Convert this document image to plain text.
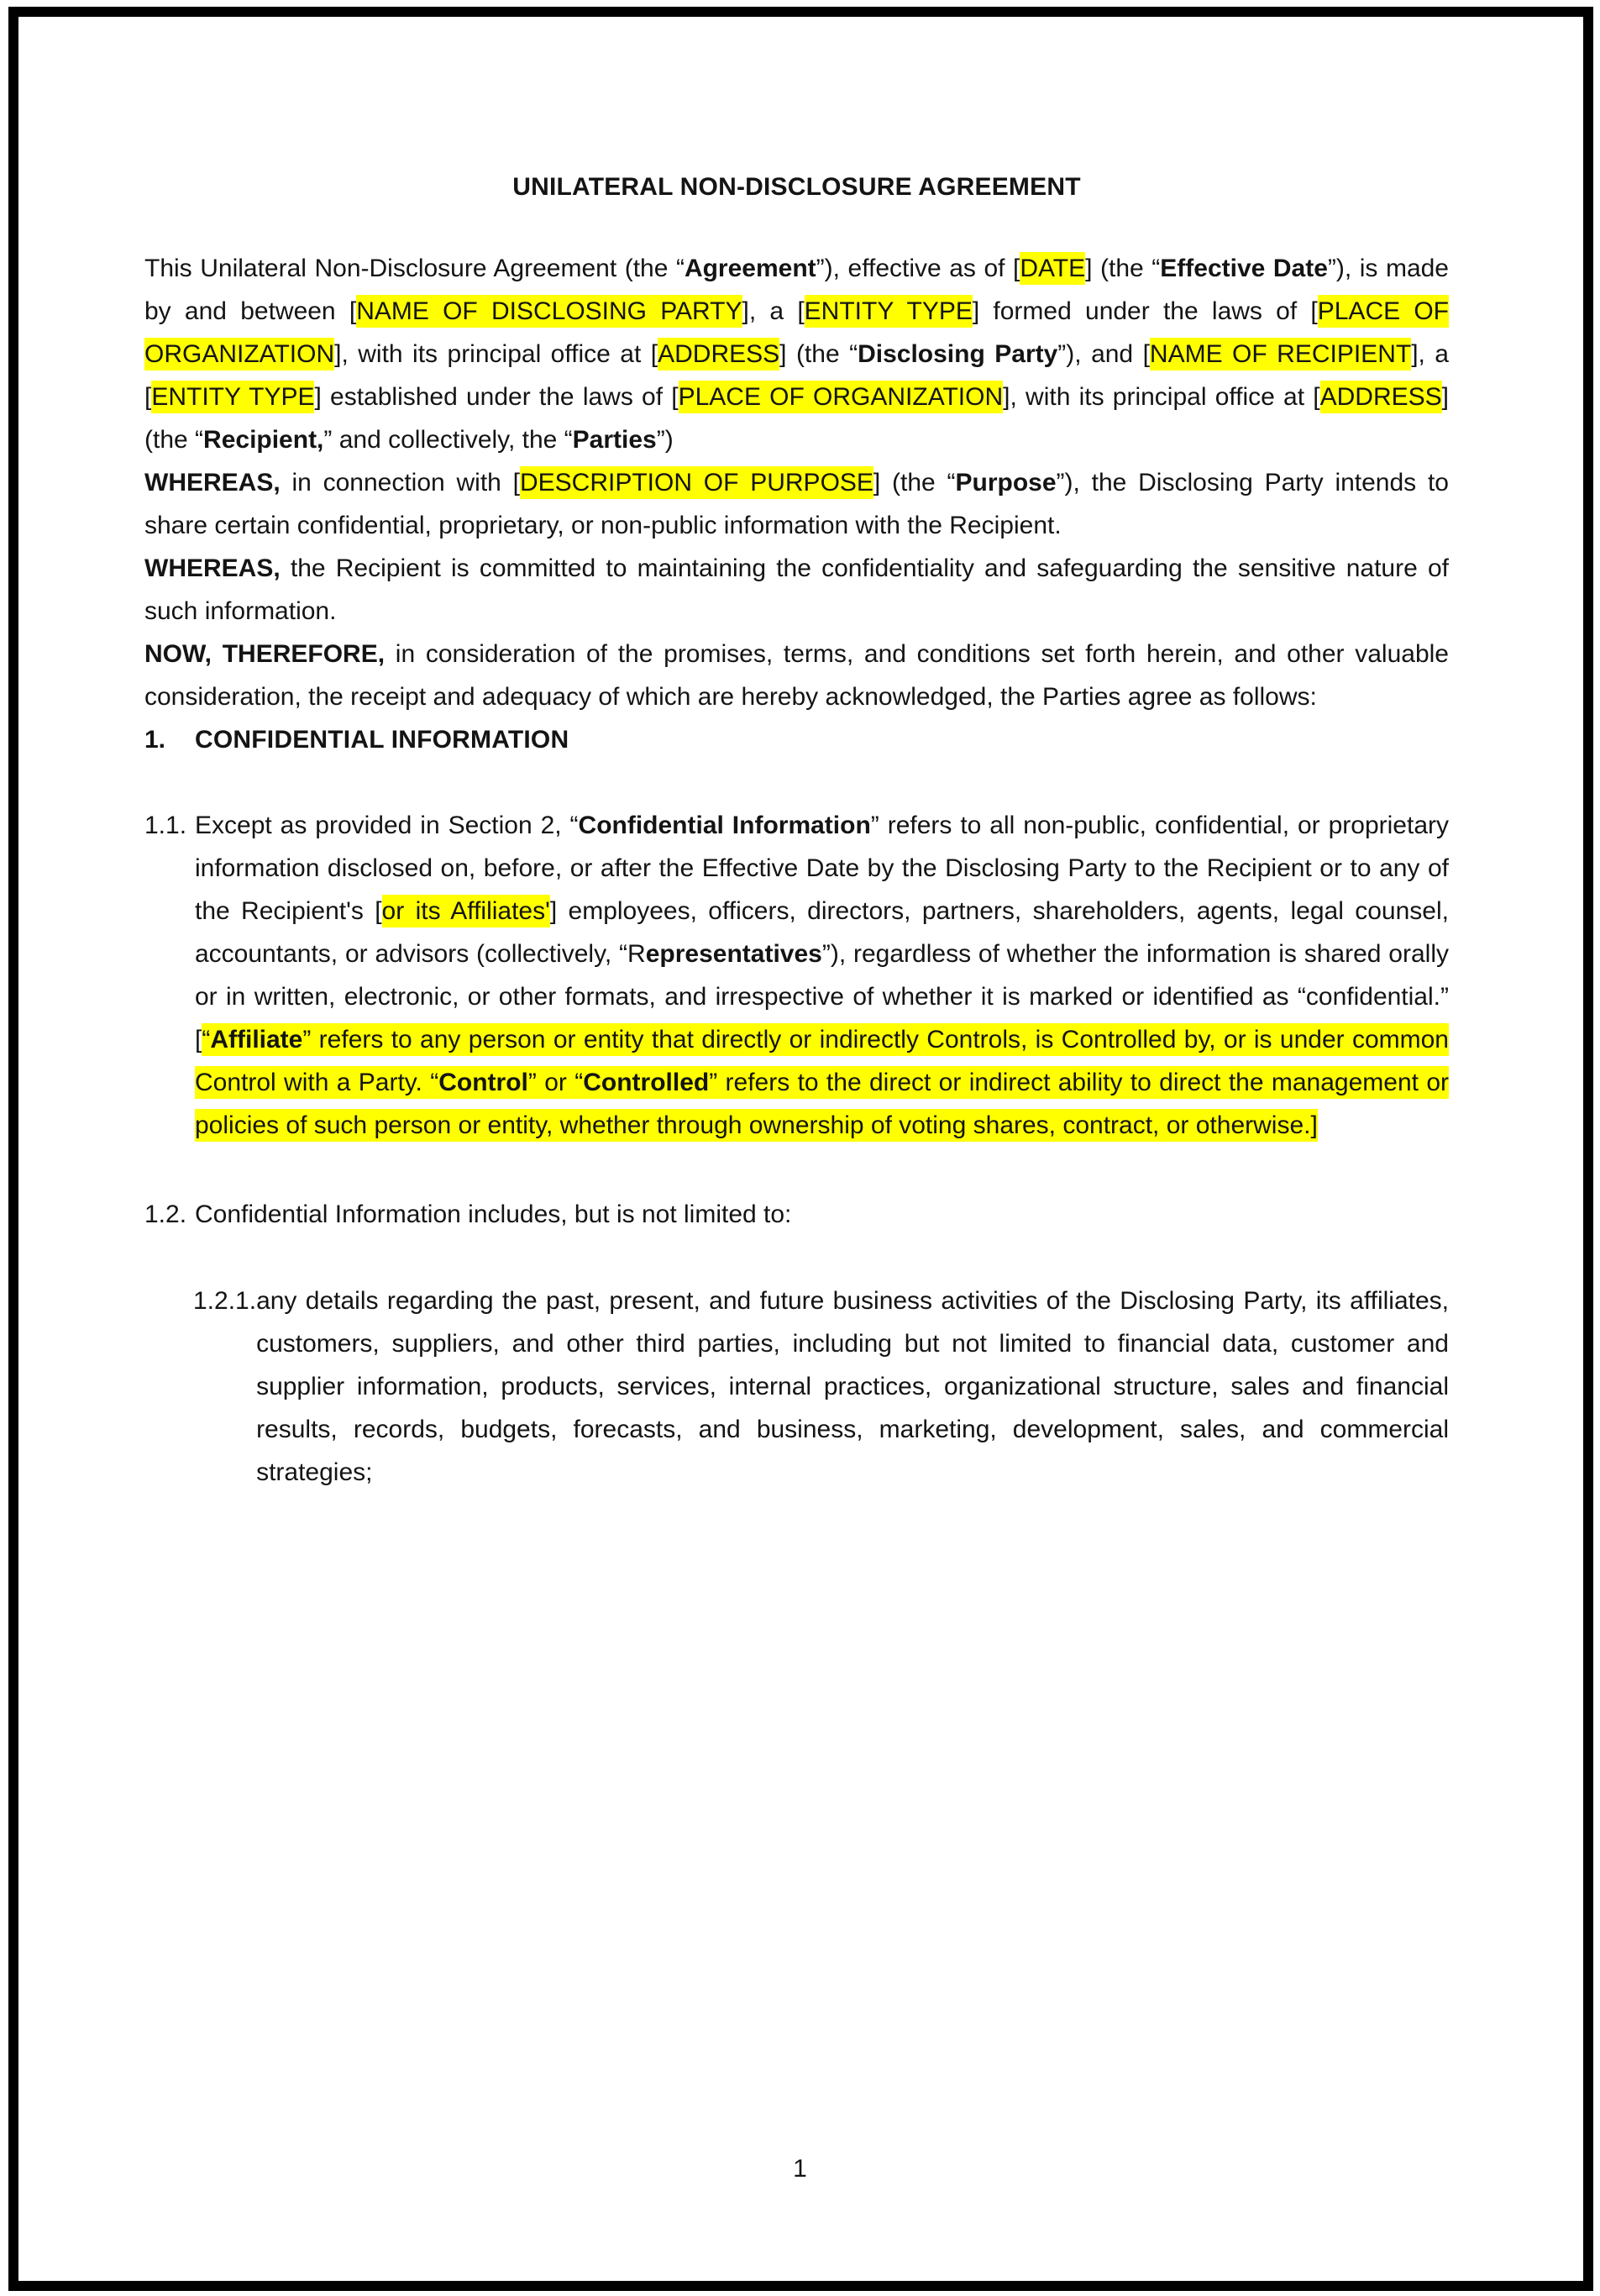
UNILATERAL NON-DISCLOSURE AGREEMENT

This Unilateral Non-Disclosure Agreement (the “Agreement”), effective as of [DATE] (the “Effective Date”), is made by and between [NAME OF DISCLOSING PARTY], a [ENTITY TYPE] formed under the laws of [PLACE OF ORGANIZATION], with its principal office at [ADDRESS] (the “Disclosing Party”), and [NAME OF RECIPIENT], a [ENTITY TYPE] established under the laws of [PLACE OF ORGANIZATION], with its principal office at [ADDRESS] (the “Recipient,” and collectively, the “Parties”)

WHEREAS, in connection with [DESCRIPTION OF PURPOSE] (the “Purpose”), the Disclosing Party intends to share certain confidential, proprietary, or non-public information with the Recipient.

WHEREAS, the Recipient is committed to maintaining the confidentiality and safeguarding the sensitive nature of such information.

NOW, THEREFORE, in consideration of the promises, terms, and conditions set forth herein, and other valuable consideration, the receipt and adequacy of which are hereby acknowledged, the Parties agree as follows:

1.	CONFIDENTIAL INFORMATION
1.1. Except as provided in Section 2, “Confidential Information” refers to all non-public, confidential, or proprietary information disclosed on, before, or after the Effective Date by the Disclosing Party to the Recipient or to any of the Recipient's [or its Affiliates'] employees, officers, directors, partners, shareholders, agents, legal counsel, accountants, or advisors (collectively, “Representatives”), regardless of whether the information is shared orally or in written, electronic, or other formats, and irrespective of whether it is marked or identified as “confidential.” [“Affiliate” refers to any person or entity that directly or indirectly Controls, is Controlled by, or is under common Control with a Party. “Control” or “Controlled” refers to the direct or indirect ability to direct the management or policies of such person or entity, whether through ownership of voting shares, contract, or otherwise.]
1.2. Confidential Information includes, but is not limited to:
1.2.1. any details regarding the past, present, and future business activities of the Disclosing Party, its affiliates, customers, suppliers, and other third parties, including but not limited to financial data, customer and supplier information, products, services, internal practices, organizational structure, sales and financial results, records, budgets, forecasts, and business, marketing, development, sales, and commercial strategies;
1
